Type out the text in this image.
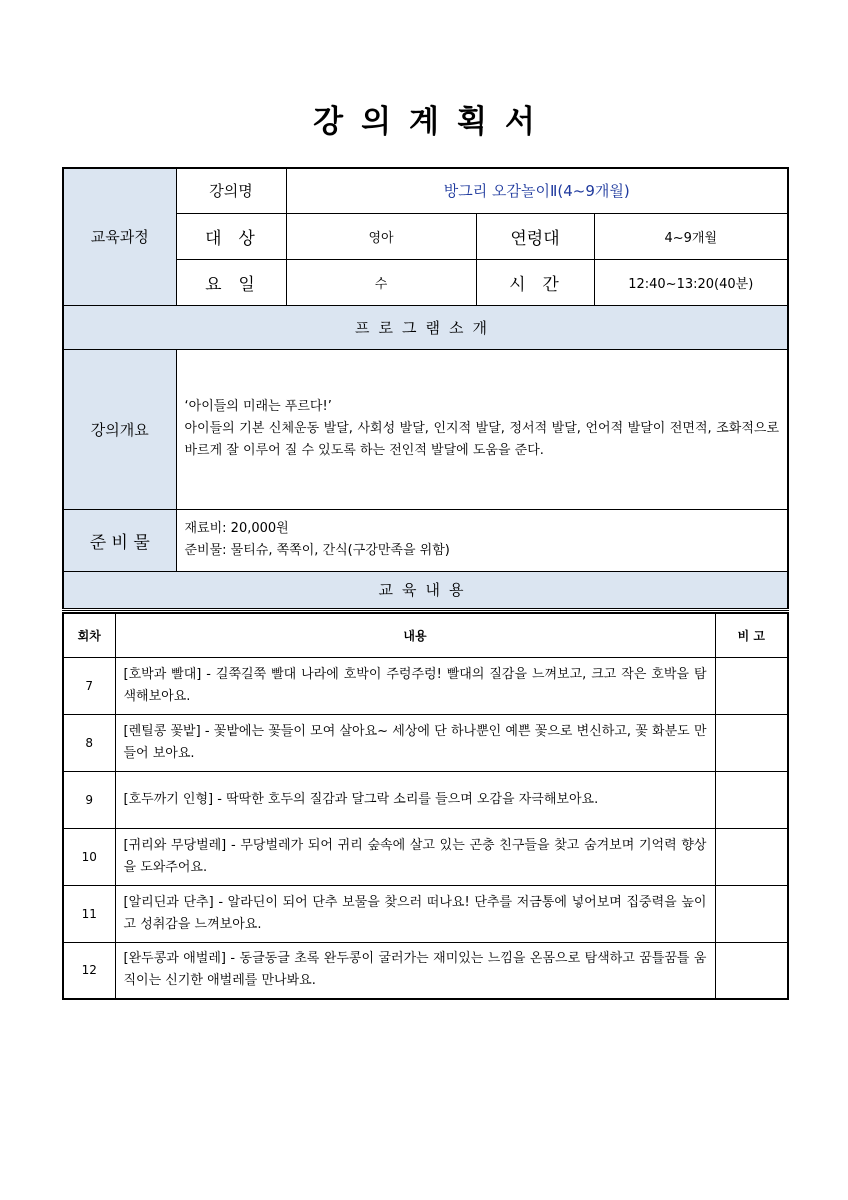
강의계획서
교육과정	강의명	방그리 오감놀이Ⅱ(4~9개월)		
	대  상	영아	연령대	4~9개월
	요  일	수	시  간	12:40~13:20(40분)
프로그램소개				
강의개요	‘아이들의 미래는 푸르다!’
아이들의 기본 신체운동 발달, 사회성 발달, 인지적 발달, 정서적 발달, 언어적 발달이 전면적, 조화적으로 바르게 잘 이루어 질 수 있도록 하는 전인적 발달에 도움을 준다.			

준 비 물	재료비: 20,000원
준비물: 물티슈, 쪽쪽이, 간식(구강만족을 위함)			

교육내용				
회차	내용	비 고
7	[호박과 빨대] - 길쭉길쭉 빨대 나라에 호박이 주렁주렁! 빨대의 질감을 느껴보고, 크고 작은 호박을 탐색해보아요.	
8	[렌틸콩 꽃밭] - 꽃밭에는 꽃들이 모여 살아요~ 세상에 단 하나뿐인 예쁜 꽃으로 변신하고, 꽃 화분도 만들어 보아요.	
9	[호두까기 인형] - 딱딱한 호두의 질감과 달그락 소리를 들으며 오감을 자극해보아요.	
10	[귀리와 무당벌레] - 무당벌레가 되어 귀리 숲속에 살고 있는 곤충 친구들을 찾고 숨겨보며 기억력 향상을 도와주어요.	
11	[알리딘과 단추] - 알라딘이 되어 단추 보물을 찾으러 떠나요! 단추를 저금통에 넣어보며 집중력을 높이고 성취감을 느껴보아요.	
12	[완두콩과 애벌레] - 동글동글 초록 완두콩이 굴러가는 재미있는 느낌을 온몸으로 탐색하고 꿈틀꿈틀 움직이는 신기한 애벌레를 만나봐요.	
